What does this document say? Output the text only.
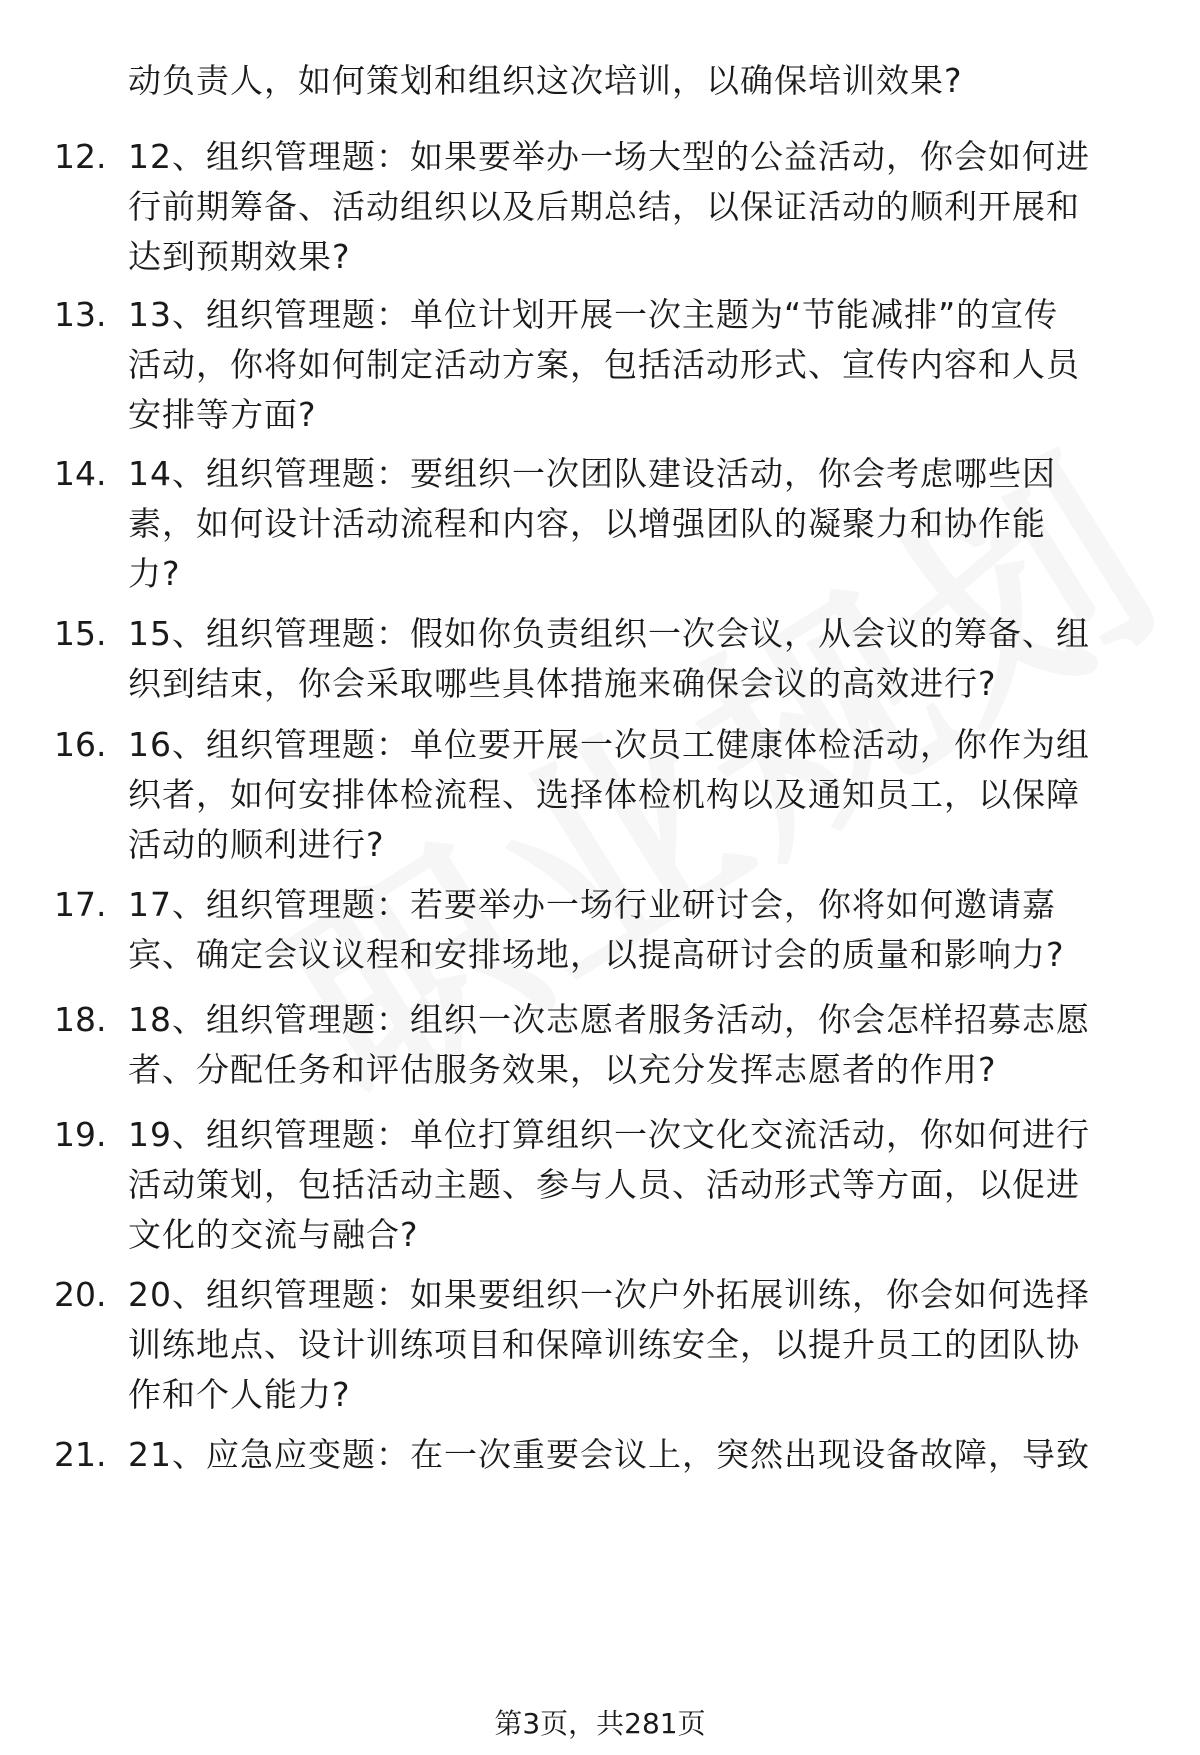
动负责人，如何策划和组织这次培训，以确保培训效果?
12. 12、组织管理题：如果要举办一场大型的公益活动，你会如何进
行前期筹备、活动组织以及后期总结，以保证活动的顺利开展和
达到预期效果?
13. 13、组织管理题：单位计划开展一次主题为“节能减排”的宣传
活动，你将如何制定活动方案，包括活动形式、宣传内容和人员
安排等方面?
14. 14、组织管理题：要组织一次团队建设活动，你会考虑哪些因
素，如何设计活动流程和内容，以增强团队的凝聚力和协作能
力?
15. 15、组织管理题：假如你负责组织一次会议，从会议的筹备、组
织到结束，你会采取哪些具体措施来确保会议的高效进行?
16. 16、组织管理题：单位要开展一次员工健康体检活动，你作为组
织者，如何安排体检流程、选择体检机构以及通知员工，以保障
活动的顺利进行?
17. 17、组织管理题：若要举办一场行业研讨会，你将如何邀请嘉
宾、确定会议议程和安排场地，以提高研讨会的质量和影响力?
18. 18、组织管理题：组织一次志愿者服务活动，你会怎样招募志愿
者、分配任务和评估服务效果，以充分发挥志愿者的作用?
19. 19、组织管理题：单位打算组织一次文化交流活动，你如何进行
活动策划，包括活动主题、参与人员、活动形式等方面，以促进
文化的交流与融合?
20. 20、组织管理题：如果要组织一次户外拓展训练，你会如何选择
训练地点、设计训练项目和保障训练安全，以提升员工的团队协
作和个人能力?
21. 21、应急应变题：在一次重要会议上，突然出现设备故障，导致
第3页，共281页
